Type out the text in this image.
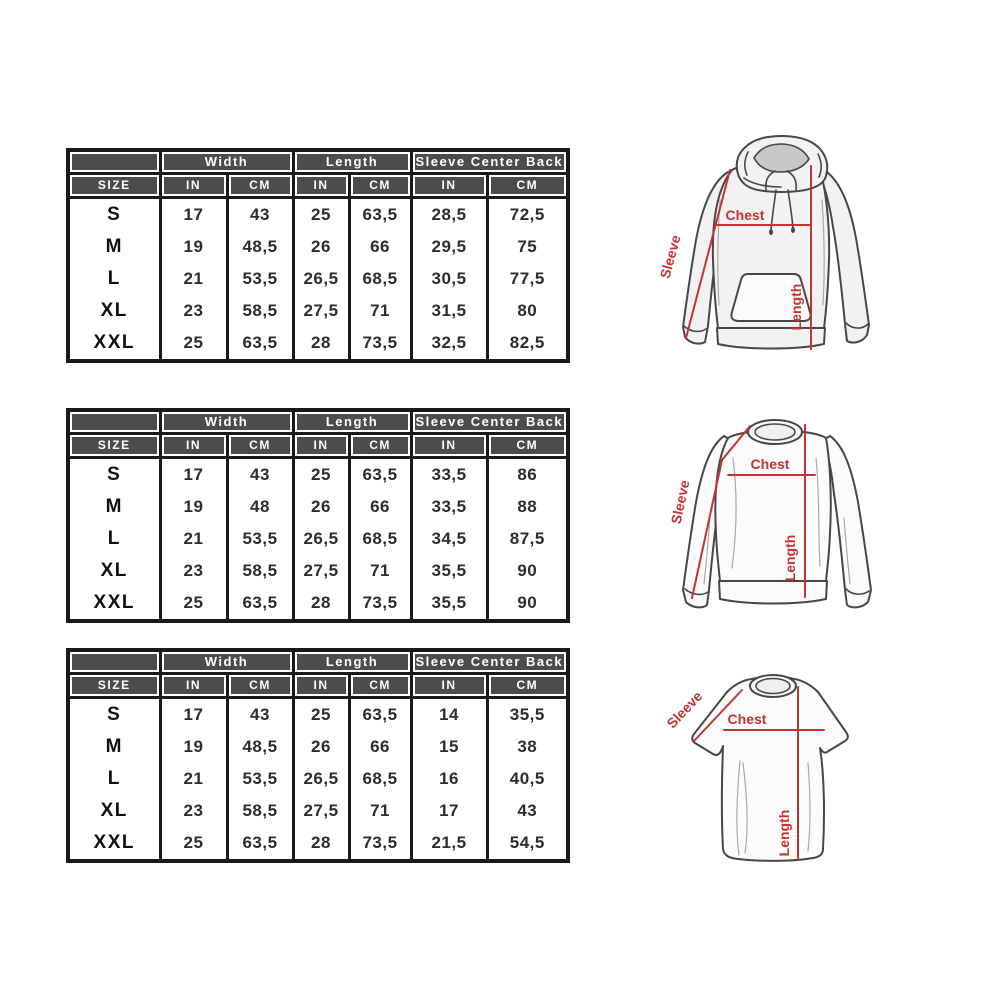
	Width		Length		Sleeve Center Back	

SIZE	IN	CM	IN	CM	IN	CM

S	17	43	25	63,5	28,5	72,5
M	19	48,5	26	66	29,5	75
L	21	53,5	26,5	68,5	30,5	77,5
XL	23	58,5	27,5	71	31,5	80
XXL	25	63,5	28	73,5	32,5	82,5
Chest
Sleeve
Length

	Width		Length		Sleeve Center Back	

SIZE	IN	CM	IN	CM	IN	CM

S	17	43	25	63,5	33,5	86
M	19	48	26	66	33,5	88
L	21	53,5	26,5	68,5	34,5	87,5
XL	23	58,5	27,5	71	35,5	90
XXL	25	63,5	28	73,5	35,5	90
Chest
Sleeve
Length

	Width		Length		Sleeve Center Back	

SIZE	IN	CM	IN	CM	IN	CM

S	17	43	25	63,5	14	35,5
M	19	48,5	26	66	15	38
L	21	53,5	26,5	68,5	16	40,5
XL	23	58,5	27,5	71	17	43
XXL	25	63,5	28	73,5	21,5	54,5
Chest
Sleeve
Length
